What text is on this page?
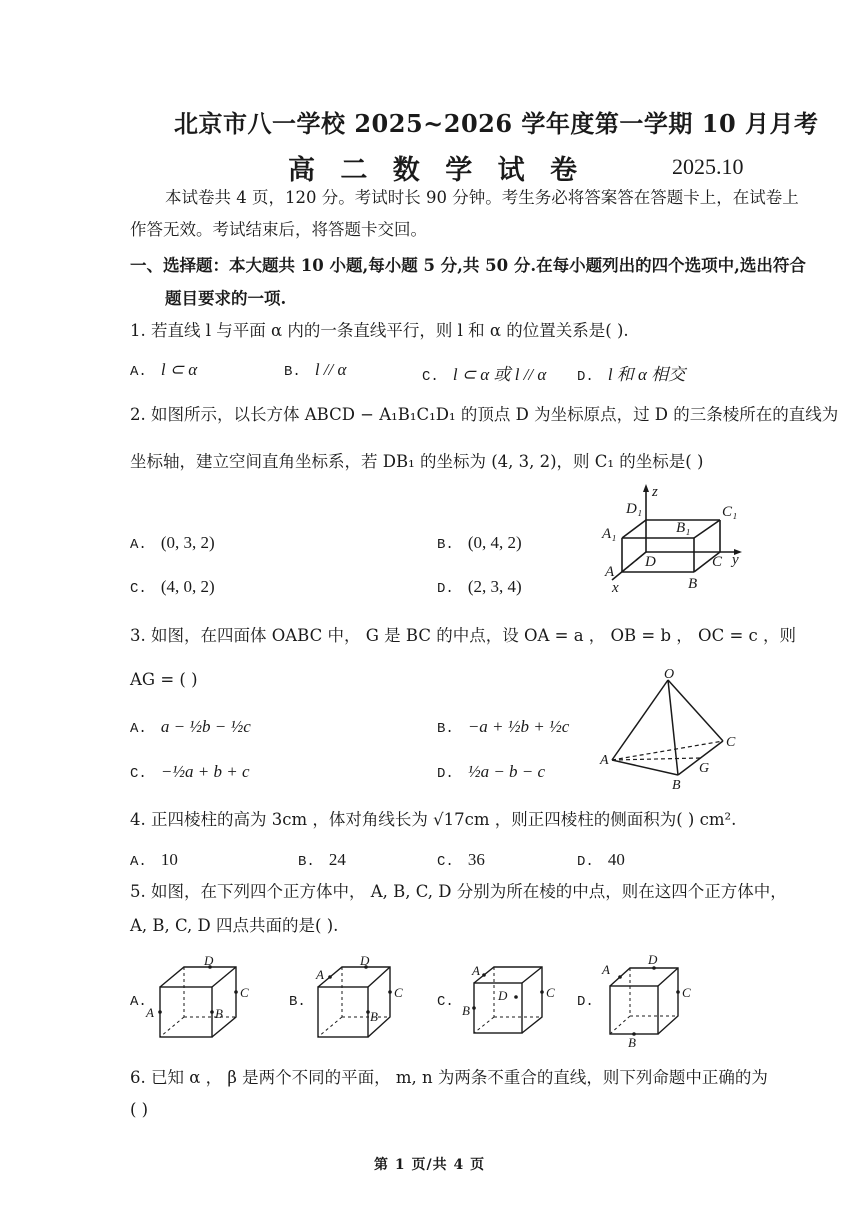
北京市八一学校 2025~2026 学年度第一学期 10 月月考
高 二 数 学 试 卷	2025.10
本试卷共 4 页，120 分。考试时长 90 分钟。考生务必将答案答在答题卡上，在试卷上
作答无效。考试结束后，将答题卡交回。
一、选择题：本大题共 10 小题,每小题 5 分,共 50 分.在每小题列出的四个选项中,选出符合
题目要求的一项.
1. 若直线 l 与平面 α 内的一条直线平行，则 l 和 α 的位置关系是( ).
A. l ⊂ α	B. l // α	C. l ⊂ α 或 l // α D. l 和 α 相交
2. 如图所示，以长方体 ABCD − A₁B₁C₁D₁ 的顶点 D 为坐标原点，过 D 的三条棱所在的直线为
坐标轴，建立空间直角坐标系，若 DB₁ 的坐标为 (4, 3, 2)，则 C₁ 的坐标是( )
A. (0, 3, 2)	B. (0, 4, 2)
C. (4, 0, 2)	D. (2, 3, 4)
z
y
x
D₁	C₁
A₁	B₁
D	C
A
B
3. 如图，在四面体 OABC 中， G 是 BC 的中点，设 OA = a ， OB = b ， OC = c ，则
AG = ( )
A. a − ½b − ½c	B. −a + ½b + ½c
C. −½a + b + c	D. ½a − b − c
O
A
B
C
G
4. 正四棱柱的高为 3cm ，体对角线长为 √17cm ，则正四棱柱的侧面积为( ) cm².
A. 10	B. 24	C. 36	D. 40
5. 如图，在下列四个正方体中， A, B, C, D 分别为所在棱的中点，则在这四个正方体中，
A, B, C, D 四点共面的是( ).
A.
D
A
C
B
B.
D
A
C
B
C.
A
B
C
D	D.
A
D
C
B
6. 已知 α ， β 是两个不同的平面， m, n 为两条不重合的直线，则下列命题中正确的为
( )
第 1 页/共 4 页
